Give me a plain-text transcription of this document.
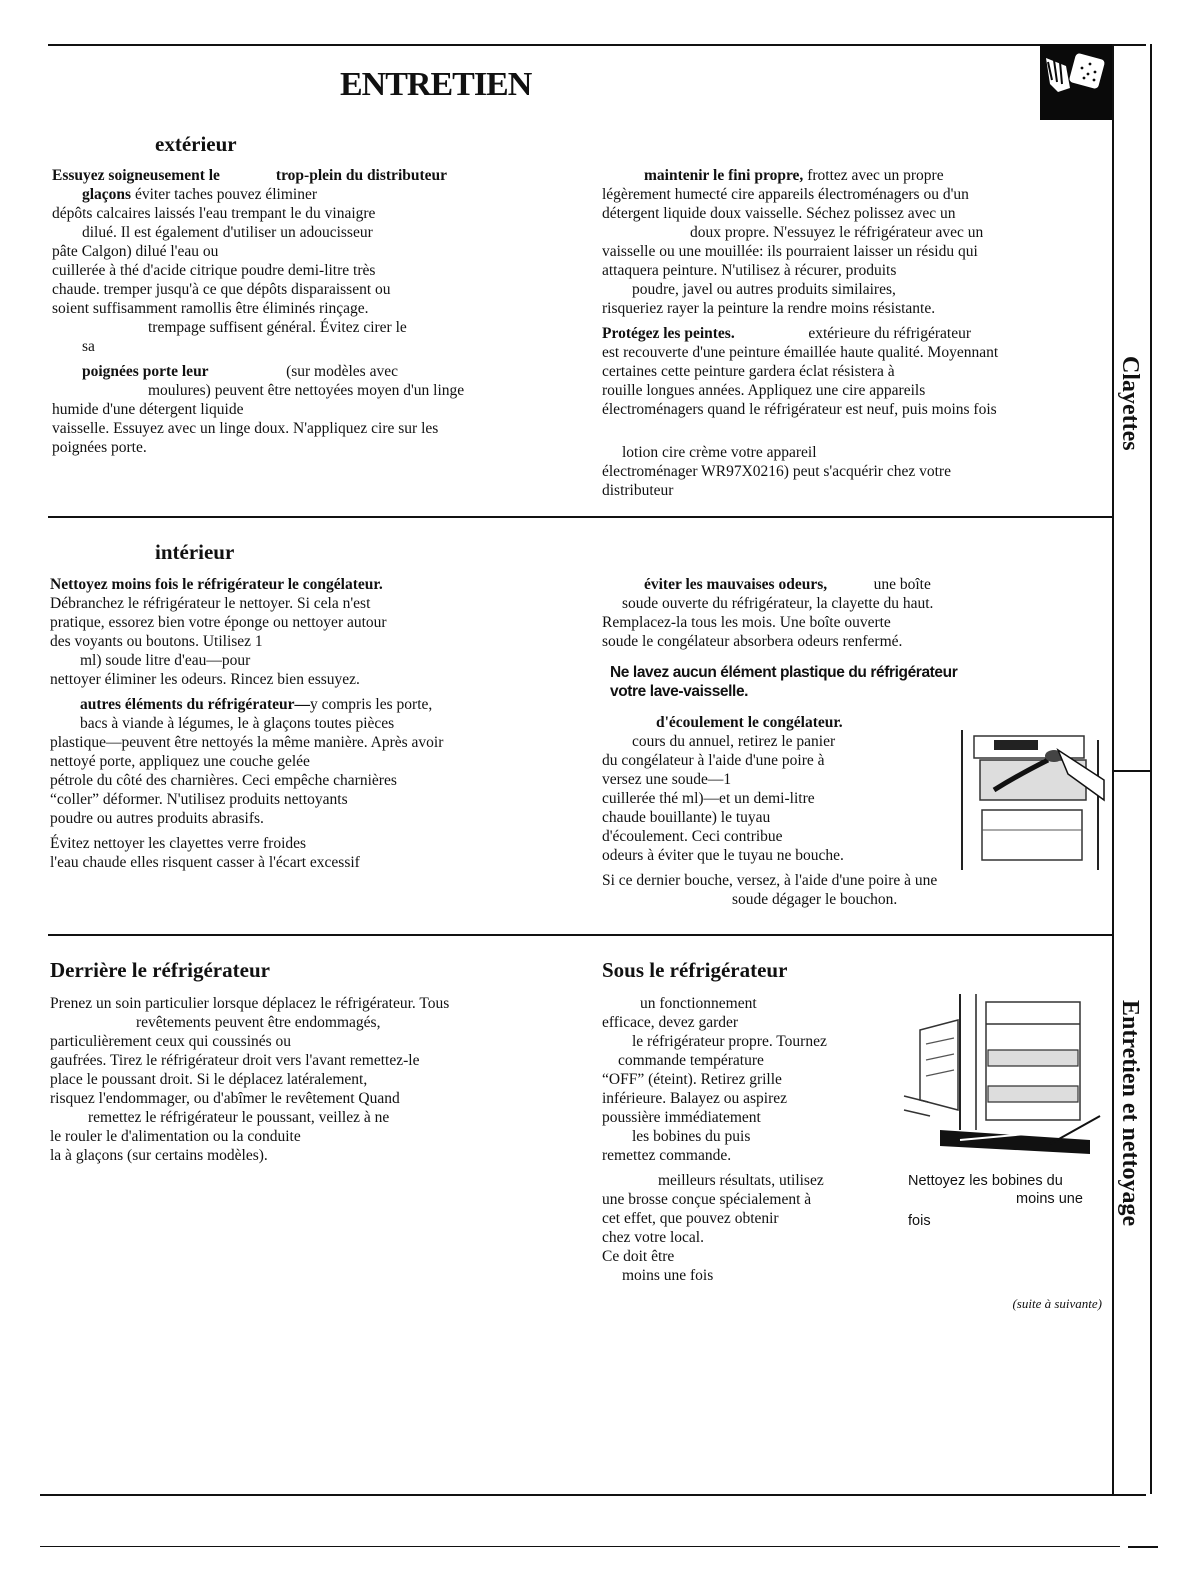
ENTRETIEN
Clayettes
Entretien et nettoyage
extérieur

Essuyez soigneusement le	trop-plein du distributeur
glaçons éviter taches pouvez éliminer
dépôts calcaires laissés l'eau trempant le du vinaigre
dilué. Il est également d'utiliser un adoucisseur
pâte Calgon) dilué l'eau ou
cuillerée à thé d'acide citrique poudre demi-litre très
chaude. tremper jusqu'à ce que dépôts disparaissent ou
soient suffisamment ramollis être éliminés rinçage.
trempage suffisent général. Évitez cirer le
sa

poignées porte leur	(sur modèles avec
moulures) peuvent être nettoyées moyen d'un linge
humide d'une détergent liquide
vaisselle. Essuyez avec un linge doux. N'appliquez cire sur les
poignées porte.

maintenir le fini propre, frottez avec un propre
légèrement humecté cire appareils électroménagers ou d'un
détergent liquide doux vaisselle. Séchez polissez avec un
doux propre. N'essuyez le réfrigérateur avec un
vaisselle ou une mouillée: ils pourraient laisser un résidu qui
attaquera peinture. N'utilisez à récurer, produits
poudre, javel ou autres produits similaires,
risqueriez rayer la peinture la rendre moins résistante.

Protégez les peintes.	extérieure du réfrigérateur
est recouverte d'une peinture émaillée haute qualité. Moyennant
certaines cette peinture gardera éclat résistera à
rouille longues années. Appliquez une cire appareils
électroménagers quand le réfrigérateur est neuf, puis moins fois

lotion cire crème votre appareil
électroménager WR97X0216) peut s'acquérir chez votre
distributeur

intérieur

Nettoyez moins fois le réfrigérateur le congélateur.
Débranchez le réfrigérateur le nettoyer. Si cela n'est
pratique, essorez bien votre éponge ou nettoyer autour
des voyants ou boutons. Utilisez 1
ml) soude litre d'eau—pour
nettoyer éliminer les odeurs. Rincez bien essuyez.

autres éléments du réfrigérateur—y compris les porte,
bacs à viande à légumes, le à glaçons toutes pièces
plastique—peuvent être nettoyés la même manière. Après avoir
nettoyé porte, appliquez une couche gelée
pétrole du côté des charnières. Ceci empêche charnières
“coller” déformer. N'utilisez produits nettoyants
poudre ou autres produits abrasifs.

Évitez nettoyer les clayettes verre froides
l'eau chaude elles risquent casser à l'écart excessif

éviter les mauvaises odeurs,	une boîte
soude ouverte du réfrigérateur, la clayette du haut.
Remplacez-la tous les mois. Une boîte ouverte
soude le congélateur absorbera odeurs renfermé.

Ne lavez aucun élément plastique du réfrigérateur
votre lave-vaisselle.

d'écoulement le congélateur.
cours du annuel, retirez le panier
du congélateur à l'aide d'une poire à
versez une soude—1
cuillerée thé ml)—et un demi-litre
chaude bouillante) le tuyau
d'écoulement. Ceci contribue
odeurs à éviter que le tuyau ne bouche.

Si ce dernier bouche, versez, à l'aide d'une poire à une
soude dégager le bouchon.

Derrière le réfrigérateur
Prenez un soin particulier lorsque déplacez le réfrigérateur. Tous
revêtements peuvent être endommagés,
particulièrement ceux qui coussinés ou
gaufrées. Tirez le réfrigérateur droit vers l'avant remettez-le
place le poussant droit. Si le déplacez latéralement,
risquez l'endommager, ou d'abîmer le revêtement Quand
remettez le réfrigérateur le poussant, veillez à ne
le rouler le d'alimentation ou la conduite
la à glaçons (sur certains modèles).
Sous le réfrigérateur

un fonctionnement
efficace, devez garder
le réfrigérateur propre. Tournez
commande température
“OFF” (éteint). Retirez grille
inférieure. Balayez ou aspirez
poussière immédiatement
les bobines du puis
remettez commande.

meilleurs résultats, utilisez
une brosse conçue spécialement à
cet effet, que pouvez obtenir
chez votre local.
Ce doit être
moins une fois

Nettoyez les bobines du
moins une
fois
(suite à suivante)
